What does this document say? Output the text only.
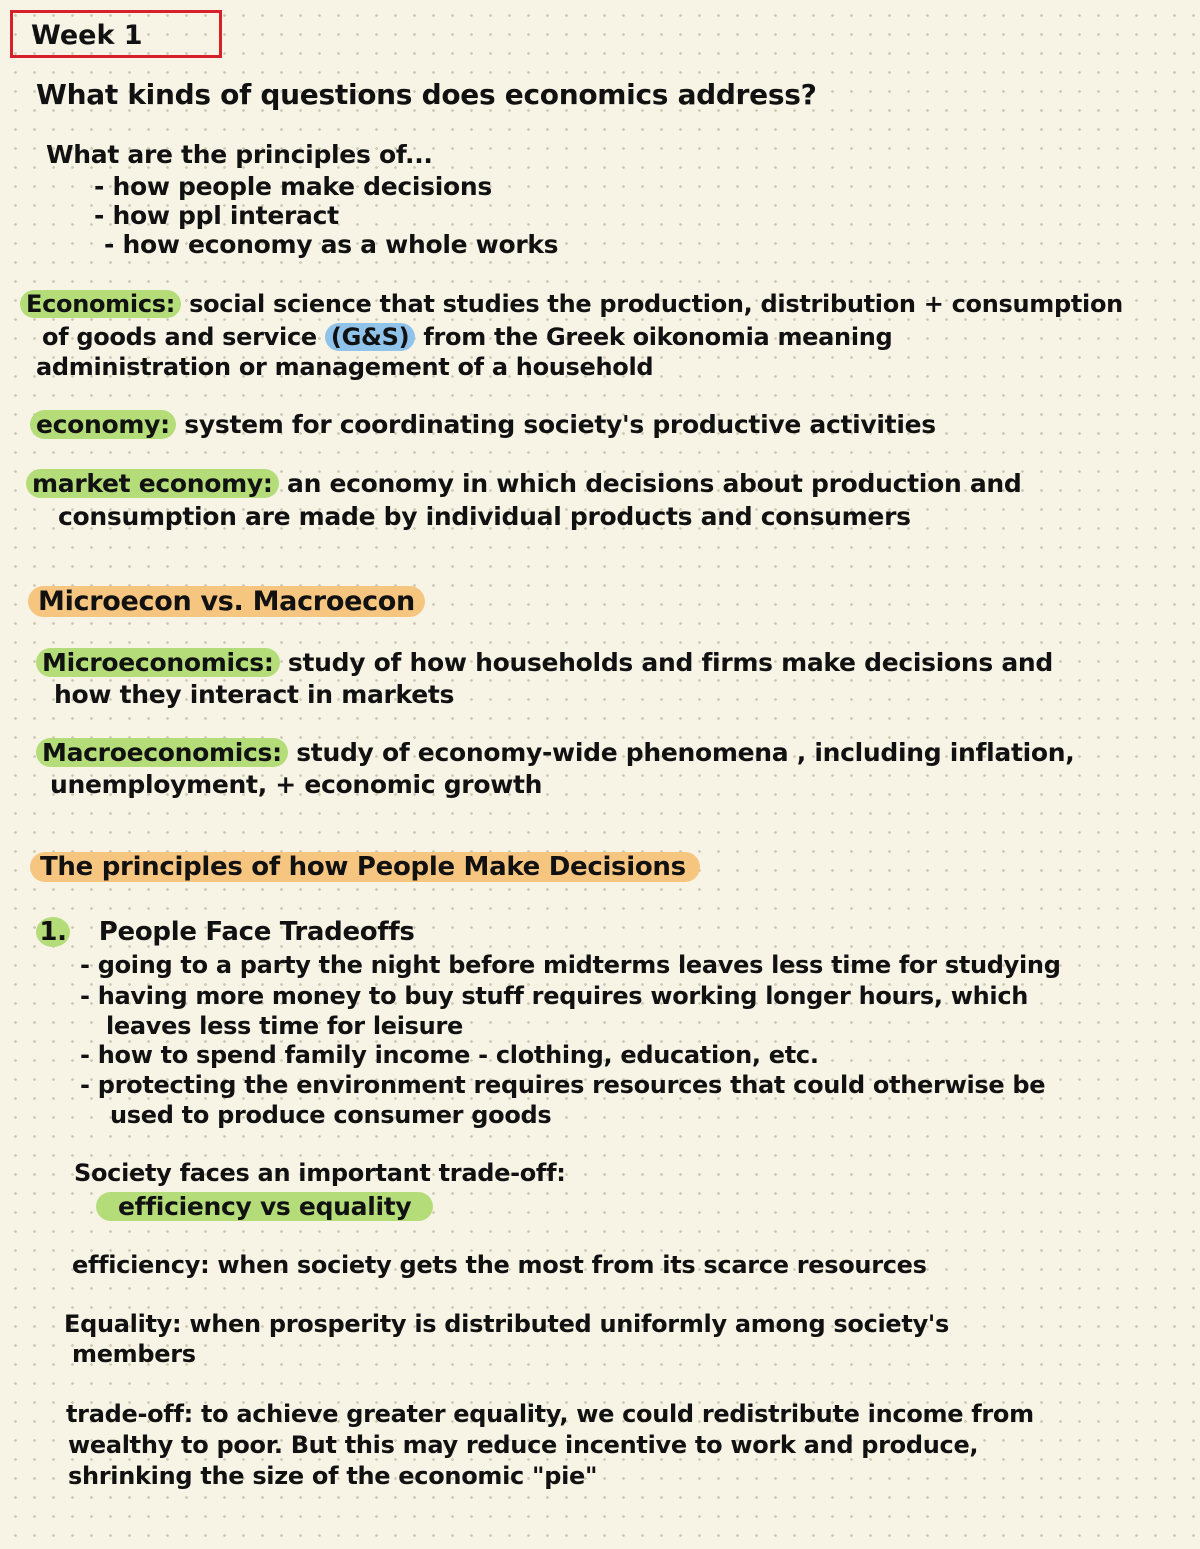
Week 1

What kinds of questions does economics address?

What are the principles of...

- how people make decisions

- how ppl interact

- how economy as a whole works

Economics: social science that studies the production, distribution + consumption

of goods and service (G&S) from the Greek oikonomia meaning

administration or management of a household

economy: system for coordinating society's productive activities

market economy: an economy in which decisions about production and

consumption are made by individual products and consumers

Microecon vs. Macroecon

Microeconomics: study of how households and firms make decisions and

how they interact in markets

Macroeconomics: study of economy-wide phenomena , including inflation,

unemployment, + economic growth

The principles of how People Make Decisions

1. People Face Tradeoffs

- going to a party the night before midterms leaves less time for studying

- having more money to buy stuff requires working longer hours, which

leaves less time for leisure

- how to spend family income - clothing, education, etc.

- protecting the environment requires resources that could otherwise be

used to produce consumer goods

Society faces an important trade-off:

efficiency vs equality

efficiency: when society gets the most from its scarce resources

Equality: when prosperity is distributed uniformly among society's

members

trade-off: to achieve greater equality, we could redistribute income from

wealthy to poor. But this may reduce incentive to work and produce,

shrinking the size of the economic "pie"
